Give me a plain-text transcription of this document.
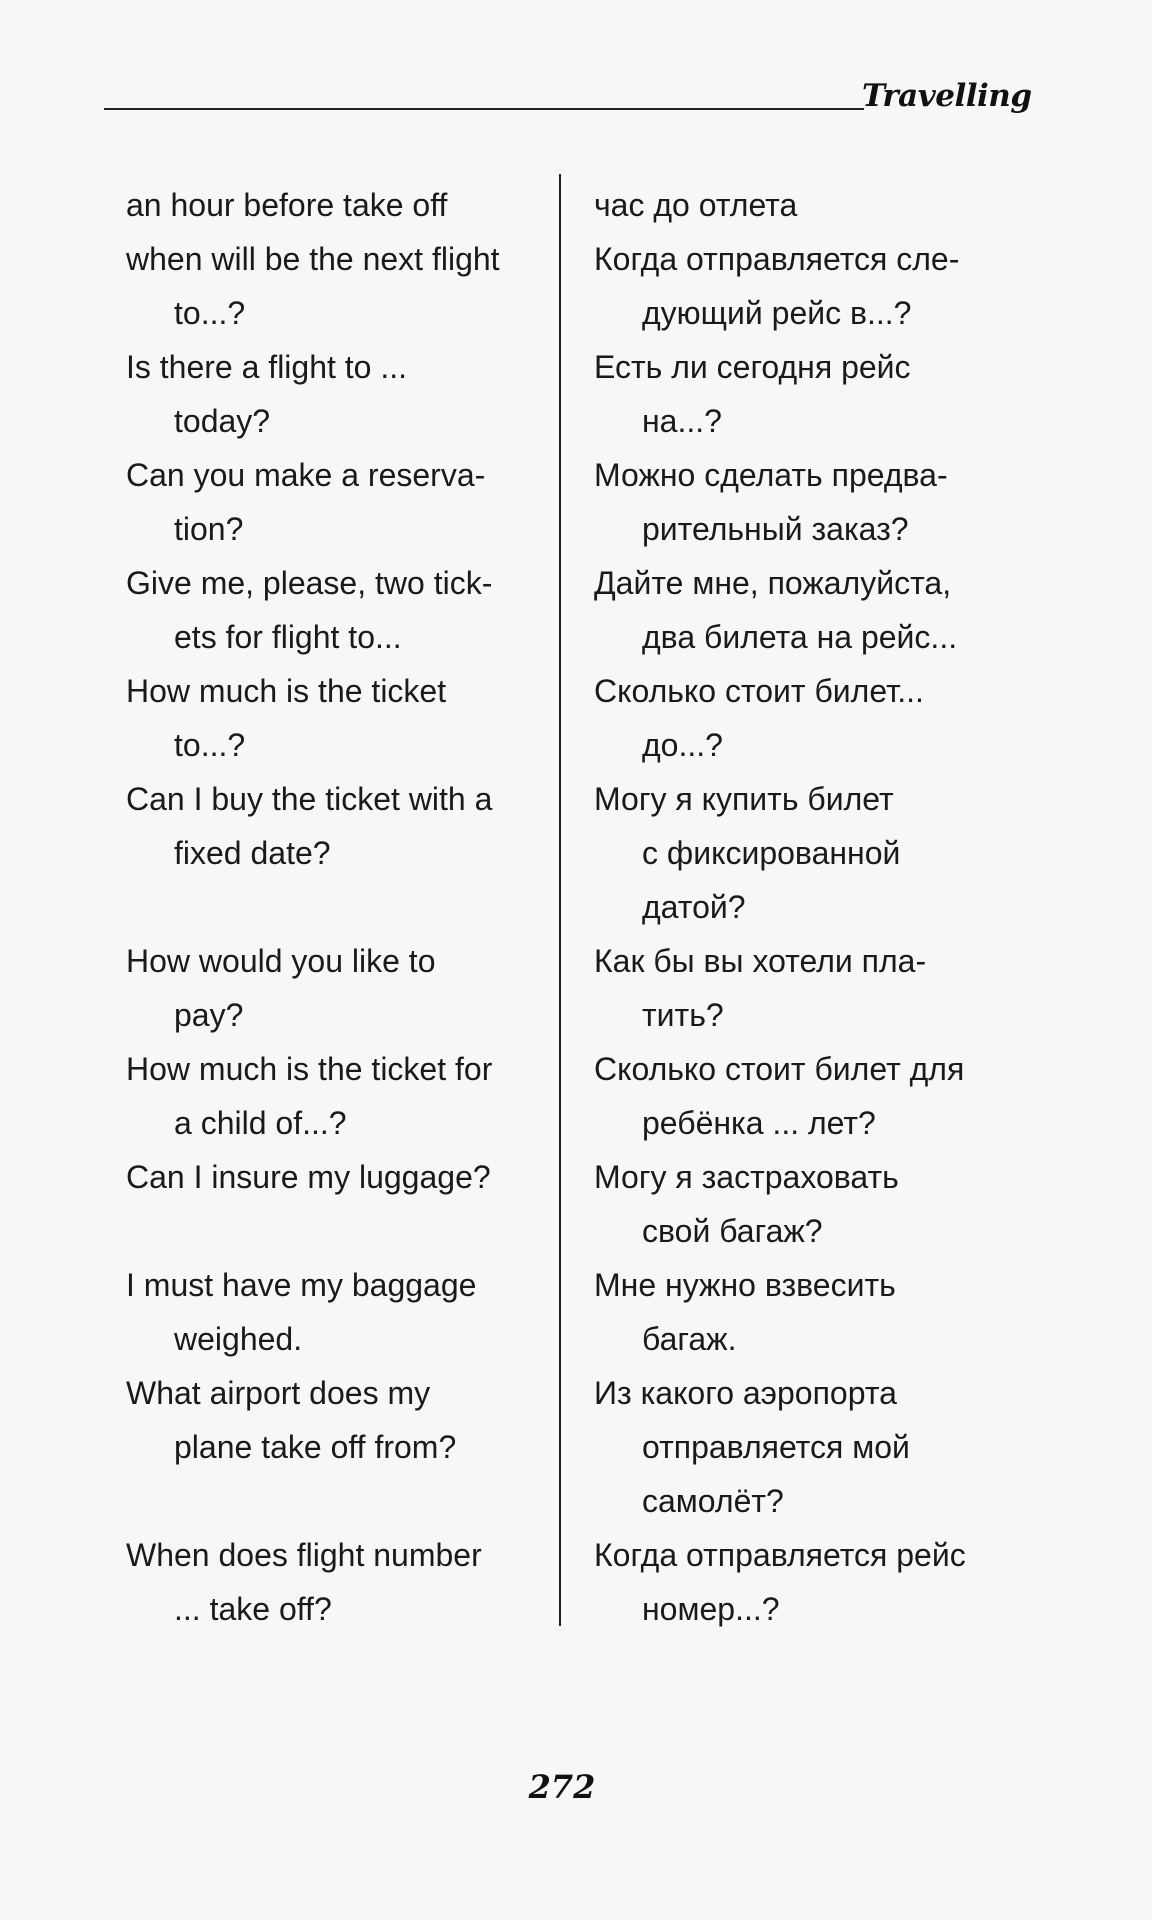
Travelling
an hour before take off
when will be the next flight
to...?
Is there a flight to ...
today?
Can you make a reserva-
tion?
Give me, please, two tick-
ets for flight to...
How much is the ticket
to...?
Can I buy the ticket with a
fixed date?
How would you like to
pay?
How much is the ticket for
a child of...?
Can I insure my luggage?
I must have my baggage
weighed.
What airport does my
plane take off from?
When does flight number
... take off?
час до отлета
Когда отправляется сле-
дующий рейс в...?
Есть ли сегодня рейс
на...?
Можно сделать предва-
рительный заказ?
Дайте мне, пожалуйста,
два билета на рейс...
Сколько стоит билет...
до...?
Могу я купить билет
с фиксированной
датой?
Как бы вы хотели пла-
тить?
Сколько стоит билет для
ребёнка ... лет?
Могу я застраховать
свой багаж?
Мне нужно взвесить
багаж.
Из какого аэропорта
отправляется мой
самолёт?
Когда отправляется рейс
номер...?
272
